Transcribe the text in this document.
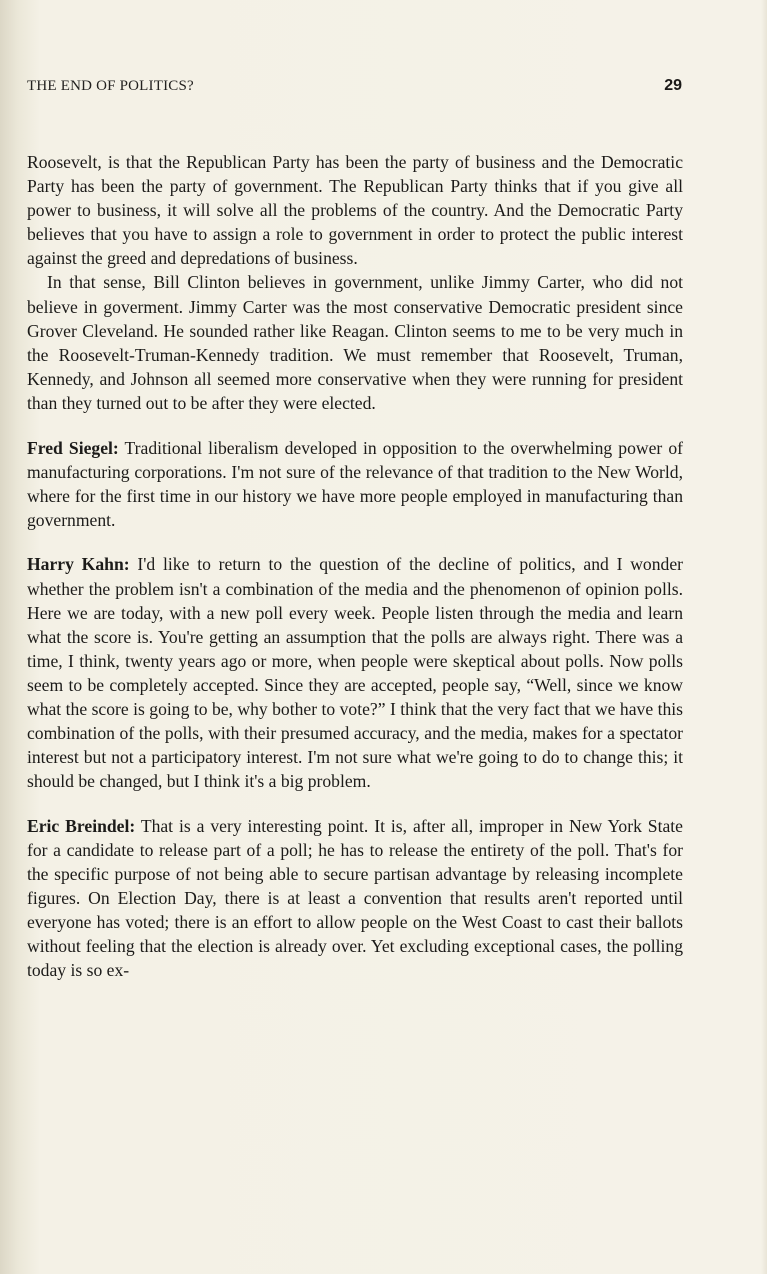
THE END OF POLITICS?	29

Roosevelt, is that the Republican Party has been the party of business and the Democratic Party has been the party of government. The Republican Party thinks that if you give all power to business, it will solve all the problems of the country. And the Democratic Party believes that you have to assign a role to government in order to protect the public interest against the greed and depredations of business.

In that sense, Bill Clinton believes in government, unlike Jimmy Carter, who did not believe in goverment. Jimmy Carter was the most conservative Democratic president since Grover Cleveland. He sounded rather like Reagan. Clinton seems to me to be very much in the Roosevelt-Truman-Kennedy tradition. We must remember that Roosevelt, Truman, Kennedy, and Johnson all seemed more conservative when they were running for president than they turned out to be after they were elected.

Fred Siegel: Traditional liberalism developed in opposition to the overwhelming power of manufacturing corporations. I'm not sure of the relevance of that tradition to the New World, where for the first time in our history we have more people employed in manufacturing than government.

Harry Kahn: I'd like to return to the question of the decline of politics, and I wonder whether the problem isn't a combination of the media and the phenomenon of opinion polls. Here we are today, with a new poll every week. People listen through the media and learn what the score is. You're getting an assumption that the polls are always right. There was a time, I think, twenty years ago or more, when people were skeptical about polls. Now polls seem to be completely accepted. Since they are accepted, people say, “Well, since we know what the score is going to be, why bother to vote?” I think that the very fact that we have this combination of the polls, with their presumed accuracy, and the media, makes for a spectator interest but not a participatory interest. I'm not sure what we're going to do to change this; it should be changed, but I think it's a big problem.

Eric Breindel: That is a very interesting point. It is, after all, improper in New York State for a candidate to release part of a poll; he has to release the entirety of the poll. That's for the specific purpose of not being able to secure partisan advantage by releasing incomplete figures. On Election Day, there is at least a convention that results aren't reported until everyone has voted; there is an effort to allow people on the West Coast to cast their ballots without feeling that the election is already over. Yet excluding exceptional cases, the polling today is so ex-
